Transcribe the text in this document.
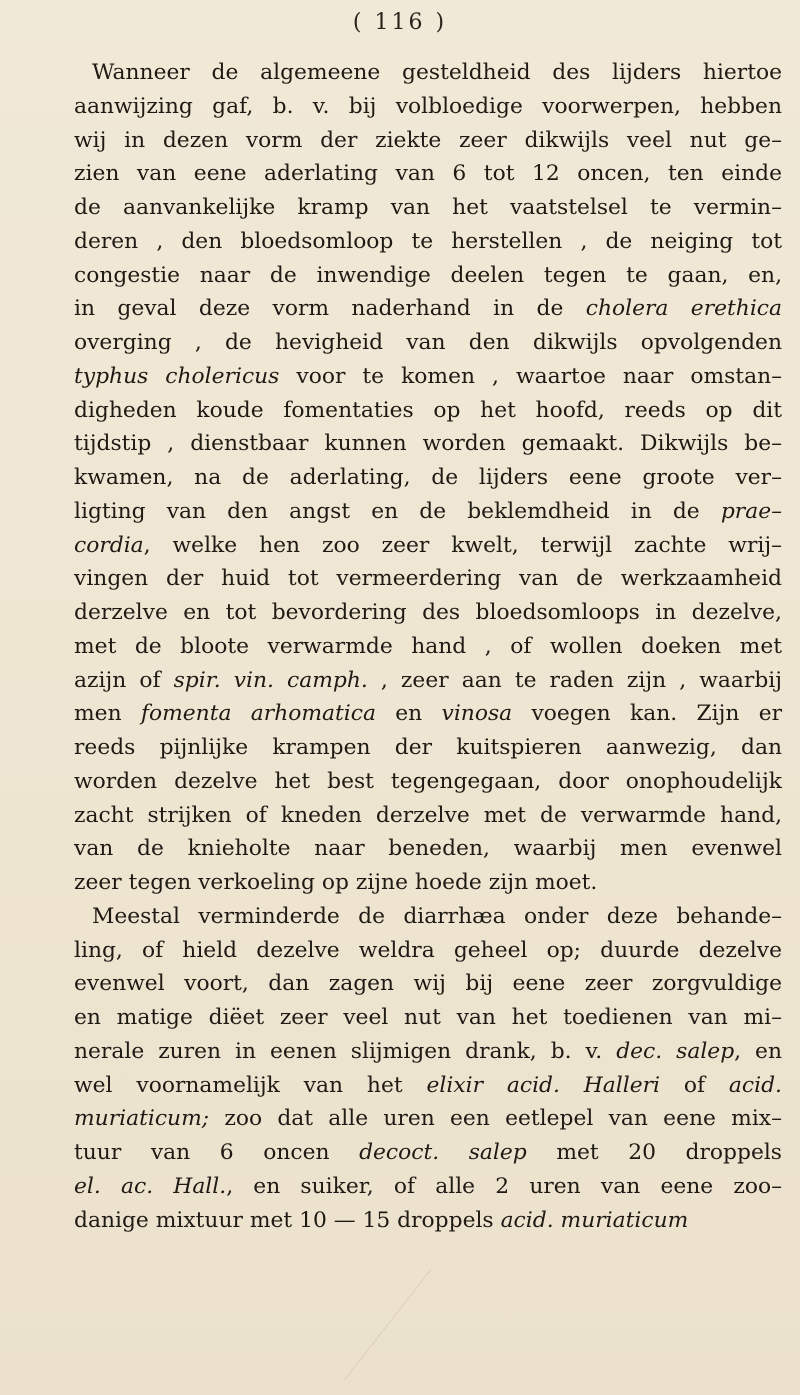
( 116 )
Wanneer de algemeene gesteldheid des lijders hiertoe
aanwijzing gaf, b. v. bij volbloedige voorwerpen, hebben
wij in dezen vorm der ziekte zeer dikwijls veel nut ge–
zien van eene aderlating van 6 tot 12 oncen, ten einde
de aanvankelijke kramp van het vaatstelsel te vermin–
deren , den bloedsomloop te herstellen , de neiging tot
congestie naar de inwendige deelen tegen te gaan, en,
in geval deze vorm naderhand in de cholera erethica
overging , de hevigheid van den dikwijls opvolgenden
typhus cholericus voor te komen , waartoe naar omstan–
digheden koude fomentaties op het hoofd, reeds op dit
tijdstip , dienstbaar kunnen worden gemaakt. Dikwijls be–
kwamen, na de aderlating, de lijders eene groote ver–
ligting van den angst en de beklemdheid in de prae–
cordia, welke hen zoo zeer kwelt, terwijl zachte wrij–
vingen der huid tot vermeerdering van de werkzaamheid
derzelve en tot bevordering des bloedsomloops in dezelve,
met de bloote verwarmde hand , of wollen doeken met
azijn of spir. vin. camph. , zeer aan te raden zijn , waarbij
men fomenta arhomatica en vinosa voegen kan. Zijn er
reeds pijnlijke krampen der kuitspieren aanwezig, dan
worden dezelve het best tegengegaan, door onophoudelijk
zacht strijken of kneden derzelve met de verwarmde hand,
van de knieholte naar beneden, waarbij men evenwel
zeer tegen verkoeling op zijne hoede zijn moet.
Meestal verminderde de diarrhæa onder deze behande–
ling, of hield dezelve weldra geheel op; duurde dezelve
evenwel voort, dan zagen wij bij eene zeer zorgvuldige
en matige diëet zeer veel nut van het toedienen van mi–
nerale zuren in eenen slijmigen drank, b. v. dec. salep, en
wel voornamelijk van het elixir acid. Halleri of acid.
muriaticum; zoo dat alle uren een eetlepel van eene mix–
tuur van 6 oncen decoct. salep met 20 droppels
el. ac. Hall., en suiker, of alle 2 uren van eene zoo–
danige mixtuur met 10 — 15 droppels acid. muriaticum
